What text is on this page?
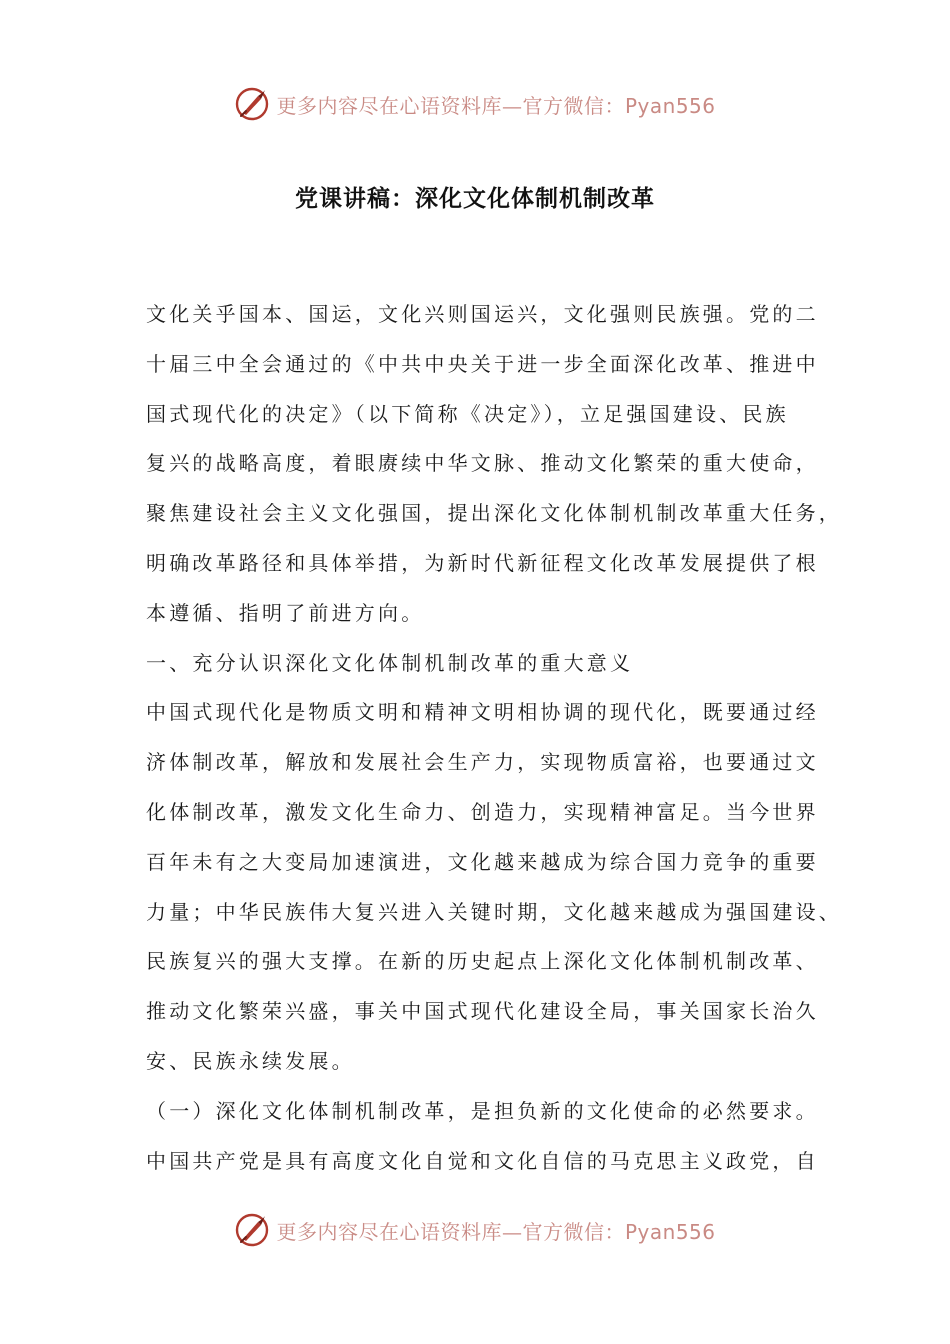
更多内容尽在心语资料库—官方微信：Pyan556
党课讲稿：深化文化体制机制改革
文化关乎国本、国运，文化兴则国运兴，文化强则民族强。党的二
十届三中全会通过的《中共中央关于进一步全面深化改革、推进中
国式现代化的决定》（以下简称《决定》），立足强国建设、民族
复兴的战略高度，着眼赓续中华文脉、推动文化繁荣的重大使命，
聚焦建设社会主义文化强国，提出深化文化体制机制改革重大任务，
明确改革路径和具体举措，为新时代新征程文化改革发展提供了根
本遵循、指明了前进方向。
一、充分认识深化文化体制机制改革的重大意义
中国式现代化是物质文明和精神文明相协调的现代化，既要通过经
济体制改革，解放和发展社会生产力，实现物质富裕，也要通过文
化体制改革，激发文化生命力、创造力，实现精神富足。当今世界
百年未有之大变局加速演进，文化越来越成为综合国力竞争的重要
力量；中华民族伟大复兴进入关键时期，文化越来越成为强国建设、
民族复兴的强大支撑。在新的历史起点上深化文化体制机制改革、
推动文化繁荣兴盛，事关中国式现代化建设全局，事关国家长治久
安、民族永续发展。
（一）深化文化体制机制改革，是担负新的文化使命的必然要求。
中国共产党是具有高度文化自觉和文化自信的马克思主义政党，自
更多内容尽在心语资料库—官方微信：Pyan556
